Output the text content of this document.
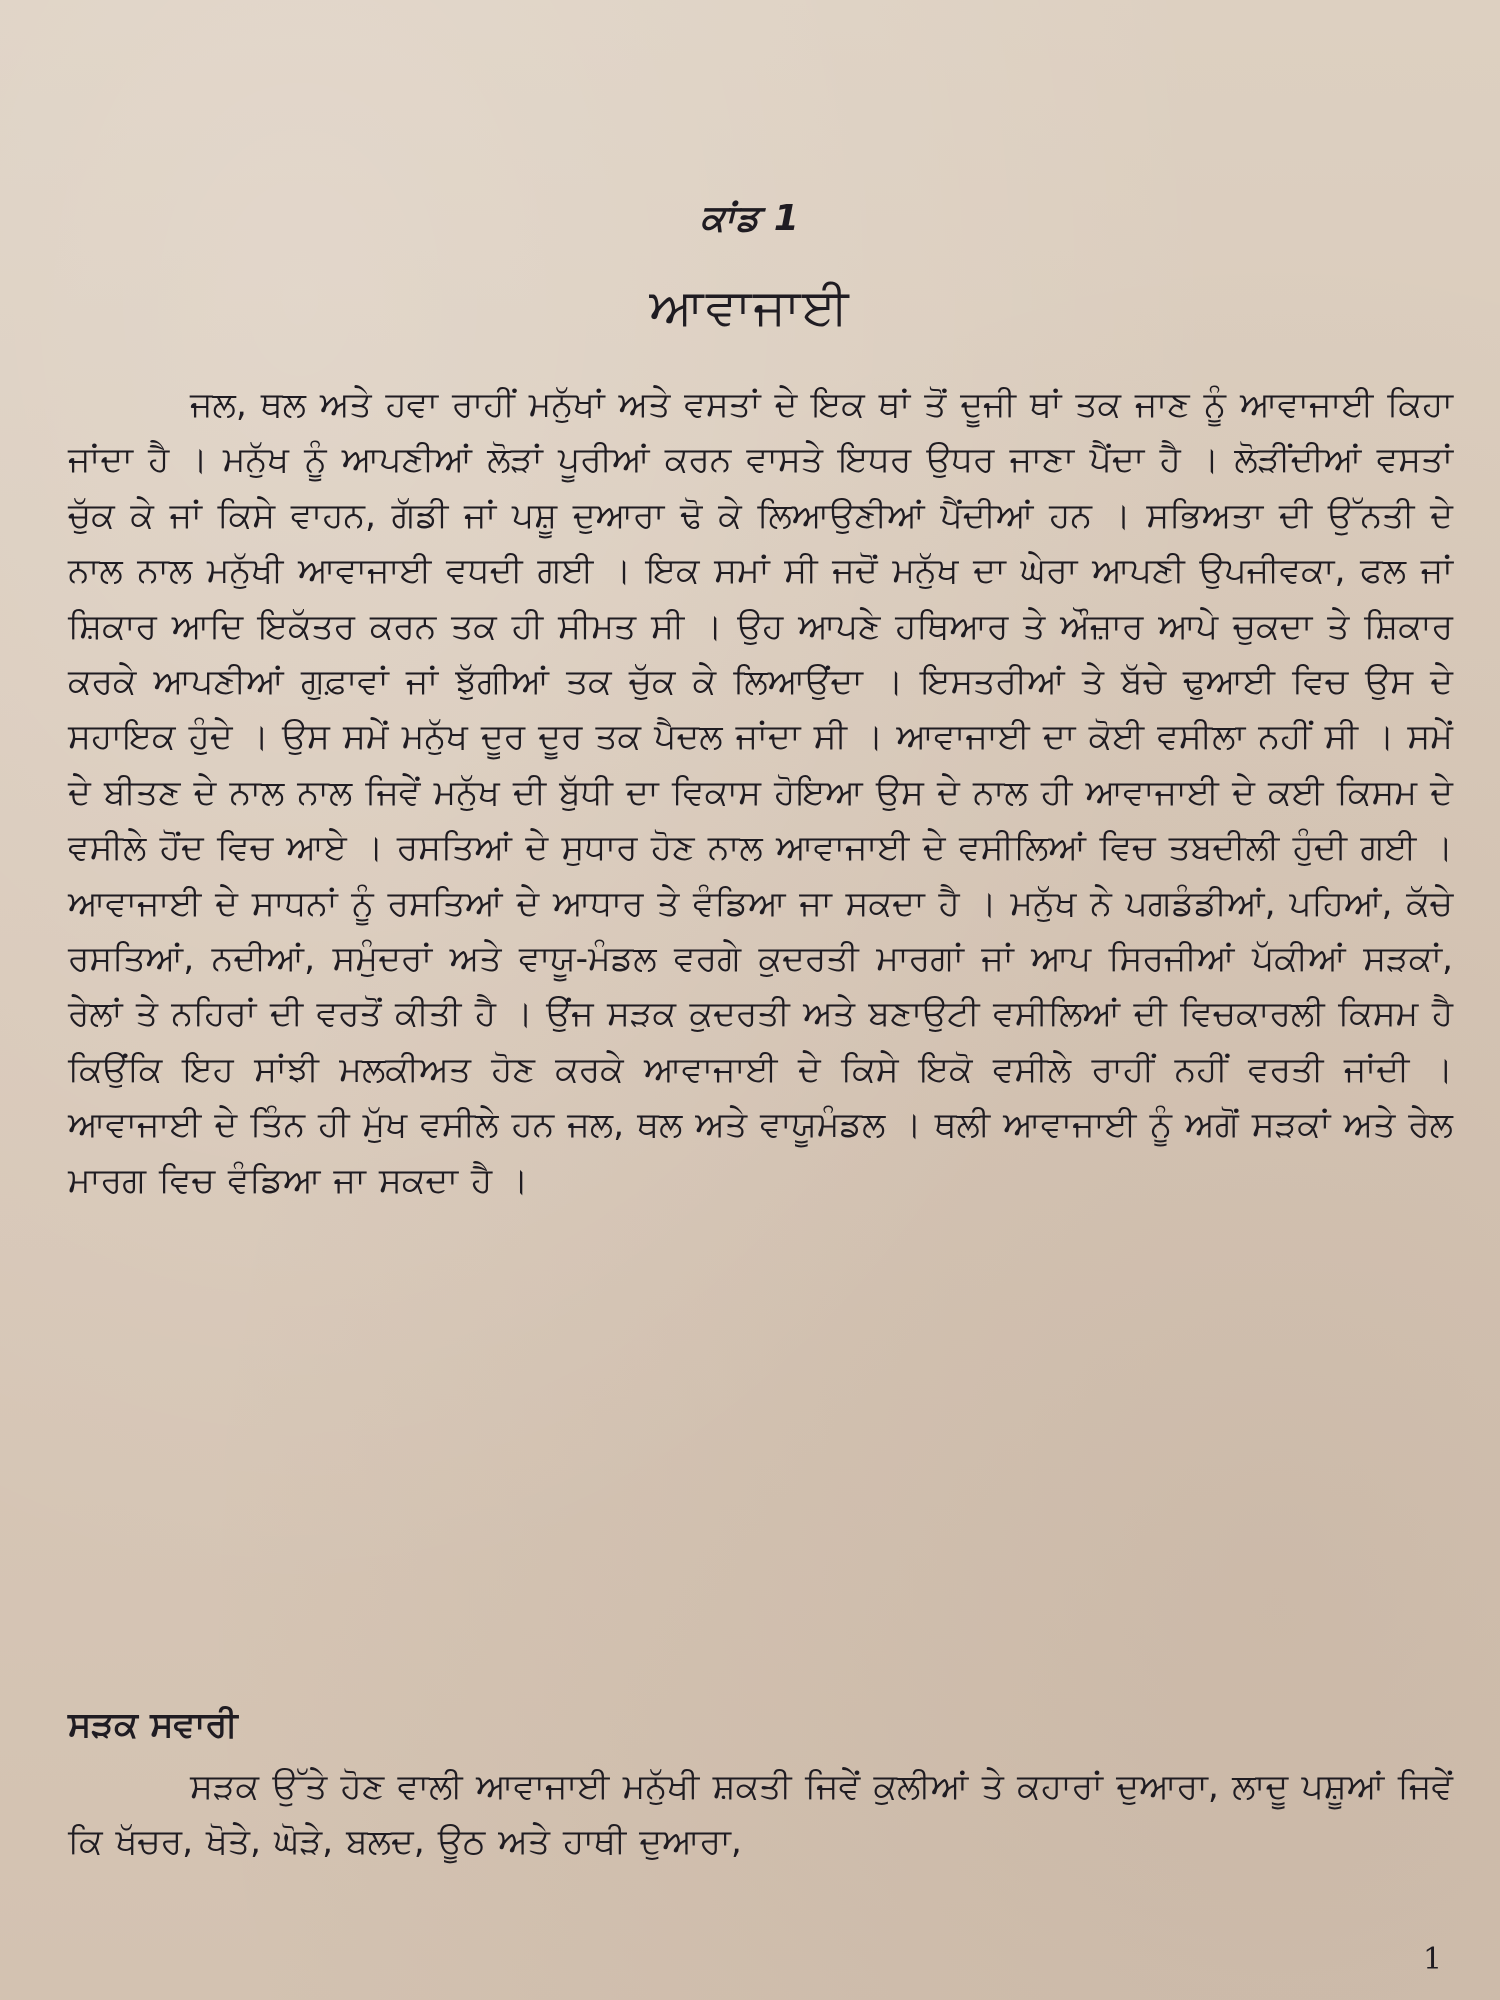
ਕਾਂਡ 1
ਆਵਾਜਾਈ

ਜਲ, ਥਲ ਅਤੇ ਹਵਾ ਰਾਹੀਂ ਮਨੁੱਖਾਂ ਅਤੇ ਵਸਤਾਂ ਦੇ ਇਕ ਥਾਂ ਤੋਂ ਦੂਜੀ ਥਾਂ ਤਕ ਜਾਣ ਨੂੰ ਆਵਾਜਾਈ ਕਿਹਾ ਜਾਂਦਾ ਹੈ । ਮਨੁੱਖ ਨੂੰ ਆਪਣੀਆਂ ਲੋੜਾਂ ਪੂਰੀਆਂ ਕਰਨ ਵਾਸਤੇ ਇਧਰ ਉਧਰ ਜਾਣਾ ਪੈਂਦਾ ਹੈ । ਲੋੜੀਂਦੀਆਂ ਵਸਤਾਂ ਚੁੱਕ ਕੇ ਜਾਂ ਕਿਸੇ ਵਾਹਨ, ਗੱਡੀ ਜਾਂ ਪਸ਼ੂ ਦੁਆਰਾ ਢੋ ਕੇ ਲਿਆਉਣੀਆਂ ਪੈਂਦੀਆਂ ਹਨ । ਸਭਿਅਤਾ ਦੀ ਉੱਨਤੀ ਦੇ ਨਾਲ ਨਾਲ ਮਨੁੱਖੀ ਆਵਾਜਾਈ ਵਧਦੀ ਗਈ । ਇਕ ਸਮਾਂ ਸੀ ਜਦੋਂ ਮਨੁੱਖ ਦਾ ਘੇਰਾ ਆਪਣੀ ਉਪਜੀਵਕਾ, ਫਲ ਜਾਂ ਸ਼ਿਕਾਰ ਆਦਿ ਇਕੱਤਰ ਕਰਨ ਤਕ ਹੀ ਸੀਮਤ ਸੀ । ਉਹ ਆਪਣੇ ਹਥਿਆਰ ਤੇ ਔਜ਼ਾਰ ਆਪੇ ਚੁਕਦਾ ਤੇ ਸ਼ਿਕਾਰ ਕਰਕੇ ਆਪਣੀਆਂ ਗੁਫ਼ਾਵਾਂ ਜਾਂ ਝੁੱਗੀਆਂ ਤਕ ਚੁੱਕ ਕੇ ਲਿਆਉਂਦਾ । ਇਸਤਰੀਆਂ ਤੇ ਬੱਚੇ ਢੁਆਈ ਵਿਚ ਉਸ ਦੇ ਸਹਾਇਕ ਹੁੰਦੇ । ਉਸ ਸਮੇਂ ਮਨੁੱਖ ਦੂਰ ਦੂਰ ਤਕ ਪੈਦਲ ਜਾਂਦਾ ਸੀ । ਆਵਾਜਾਈ ਦਾ ਕੋਈ ਵਸੀਲਾ ਨਹੀਂ ਸੀ । ਸਮੇਂ ਦੇ ਬੀਤਣ ਦੇ ਨਾਲ ਨਾਲ ਜਿਵੇਂ ਮਨੁੱਖ ਦੀ ਬੁੱਧੀ ਦਾ ਵਿਕਾਸ ਹੋਇਆ ਉਸ ਦੇ ਨਾਲ ਹੀ ਆਵਾਜਾਈ ਦੇ ਕਈ ਕਿਸਮ ਦੇ ਵਸੀਲੇ ਹੋਂਦ ਵਿਚ ਆਏ । ਰਸਤਿਆਂ ਦੇ ਸੁਧਾਰ ਹੋਣ ਨਾਲ ਆਵਾਜਾਈ ਦੇ ਵਸੀਲਿਆਂ ਵਿਚ ਤਬਦੀਲੀ ਹੁੰਦੀ ਗਈ । ਆਵਾਜਾਈ ਦੇ ਸਾਧਨਾਂ ਨੂੰ ਰਸਤਿਆਂ ਦੇ ਆਧਾਰ ਤੇ ਵੰਡਿਆ ਜਾ ਸਕਦਾ ਹੈ । ਮਨੁੱਖ ਨੇ ਪਗਡੰਡੀਆਂ, ਪਹਿਆਂ, ਕੱਚੇ ਰਸਤਿਆਂ, ਨਦੀਆਂ, ਸਮੁੰਦਰਾਂ ਅਤੇ ਵਾਯੂ-ਮੰਡਲ ਵਰਗੇ ਕੁਦਰਤੀ ਮਾਰਗਾਂ ਜਾਂ ਆਪ ਸਿਰਜੀਆਂ ਪੱਕੀਆਂ ਸੜਕਾਂ, ਰੇਲਾਂ ਤੇ ਨਹਿਰਾਂ ਦੀ ਵਰਤੋਂ ਕੀਤੀ ਹੈ । ਉਂਜ ਸੜਕ ਕੁਦਰਤੀ ਅਤੇ ਬਣਾਉਟੀ ਵਸੀਲਿਆਂ ਦੀ ਵਿਚਕਾਰਲੀ ਕਿਸਮ ਹੈ ਕਿਉਂਕਿ ਇਹ ਸਾਂਝੀ ਮਲਕੀਅਤ ਹੋਣ ਕਰਕੇ ਆਵਾਜਾਈ ਦੇ ਕਿਸੇ ਇਕੋ ਵਸੀਲੇ ਰਾਹੀਂ ਨਹੀਂ ਵਰਤੀ ਜਾਂਦੀ । ਆਵਾਜਾਈ ਦੇ ਤਿੰਨ ਹੀ ਮੁੱਖ ਵਸੀਲੇ ਹਨ ਜਲ, ਥਲ ਅਤੇ ਵਾਯੂਮੰਡਲ । ਥਲੀ ਆਵਾਜਾਈ ਨੂੰ ਅਗੋਂ ਸੜਕਾਂ ਅਤੇ ਰੇਲ ਮਾਰਗ ਵਿਚ ਵੰਡਿਆ ਜਾ ਸਕਦਾ ਹੈ ।

ਸੜਕ ਸਵਾਰੀ

ਸੜਕ ਉੱਤੇ ਹੋਣ ਵਾਲੀ ਆਵਾਜਾਈ ਮਨੁੱਖੀ ਸ਼ਕਤੀ ਜਿਵੇਂ ਕੁਲੀਆਂ ਤੇ ਕਹਾਰਾਂ ਦੁਆਰਾ, ਲਾਦੂ ਪਸ਼ੂਆਂ ਜਿਵੇਂ ਕਿ ਖੱਚਰ, ਖੋਤੇ, ਘੋੜੇ, ਬਲਦ, ਊਠ ਅਤੇ ਹਾਥੀ ਦੁਆਰਾ,

1
